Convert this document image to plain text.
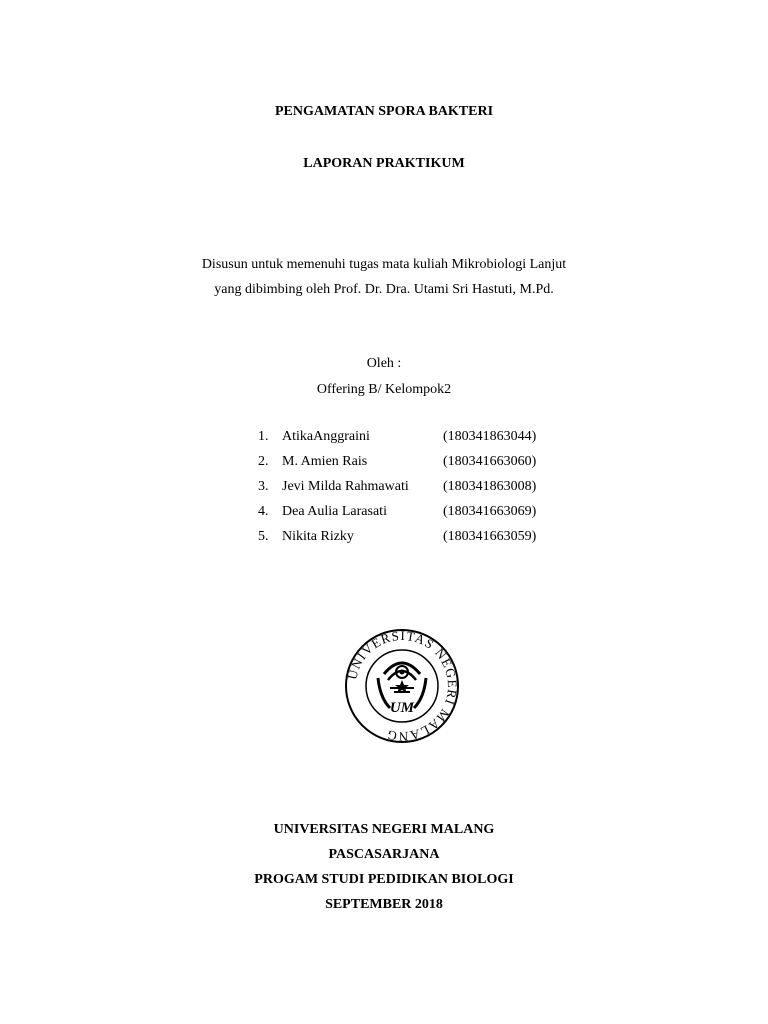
PENGAMATAN SPORA BAKTERI
LAPORAN PRAKTIKUM
Disusun untuk memenuhi tugas mata kuliah Mikrobiologi Lanjut
yang dibimbing oleh Prof. Dr. Dra. Utami Sri Hastuti, M.Pd.
Oleh :
Offering B/ Kelompok2
1. AtikaAnggraini	(180341863044)
2. M. Amien Rais	(180341663060)
3. Jevi Milda Rahmawati (180341863008)
4. Dea Aulia Larasati	(180341663069)
5. Nikita Rizky	(180341663059)
UNIVERSITAS NEGERI MALANG
UM
UNIVERSITAS NEGERI MALANG
PASCASARJANA
PROGAM STUDI PEDIDIKAN BIOLOGI
SEPTEMBER 2018
